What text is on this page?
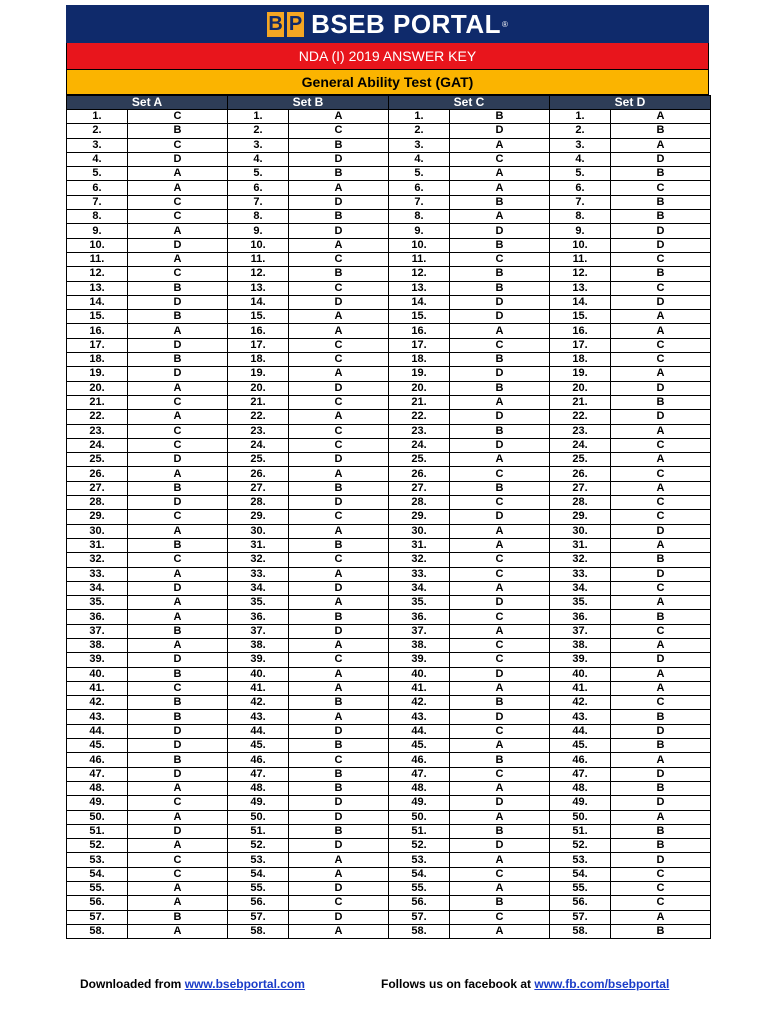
B P BSEB PORTAL ®
NDA (I) 2019 ANSWER KEY
General Ability Test (GAT)
Set A		Set B		Set C		Set D	
1.	C	1.	A	1.	B	1.	A
2.	B	2.	C	2.	D	2.	B
3.	C	3.	B	3.	A	3.	A
4.	D	4.	D	4.	C	4.	D
5.	A	5.	B	5.	A	5.	B
6.	A	6.	A	6.	A	6.	C
7.	C	7.	D	7.	B	7.	B
8.	C	8.	B	8.	A	8.	B
9.	A	9.	D	9.	D	9.	D
10.	D	10.	A	10.	B	10.	D
11.	A	11.	C	11.	C	11.	C
12.	C	12.	B	12.	B	12.	B
13.	B	13.	C	13.	B	13.	C
14.	D	14.	D	14.	D	14.	D
15.	B	15.	A	15.	D	15.	A
16.	A	16.	A	16.	A	16.	A
17.	D	17.	C	17.	C	17.	C
18.	B	18.	C	18.	B	18.	C
19.	D	19.	A	19.	D	19.	A
20.	A	20.	D	20.	B	20.	D
21.	C	21.	C	21.	A	21.	B
22.	A	22.	A	22.	D	22.	D
23.	C	23.	C	23.	B	23.	A
24.	C	24.	C	24.	D	24.	C
25.	D	25.	D	25.	A	25.	A
26.	A	26.	A	26.	C	26.	C
27.	B	27.	B	27.	B	27.	A
28.	D	28.	D	28.	C	28.	C
29.	C	29.	C	29.	D	29.	C
30.	A	30.	A	30.	A	30.	D
31.	B	31.	B	31.	A	31.	A
32.	C	32.	C	32.	C	32.	B
33.	A	33.	A	33.	C	33.	D
34.	D	34.	D	34.	A	34.	C
35.	A	35.	A	35.	D	35.	A
36.	A	36.	B	36.	C	36.	B
37.	B	37.	D	37.	A	37.	C
38.	A	38.	A	38.	C	38.	A
39.	D	39.	C	39.	C	39.	D
40.	B	40.	A	40.	D	40.	A
41.	C	41.	A	41.	A	41.	A
42.	B	42.	B	42.	B	42.	C
43.	B	43.	A	43.	D	43.	B
44.	D	44.	D	44.	C	44.	D
45.	D	45.	B	45.	A	45.	B
46.	B	46.	C	46.	B	46.	A
47.	D	47.	B	47.	C	47.	D
48.	A	48.	B	48.	A	48.	B
49.	C	49.	D	49.	D	49.	D
50.	A	50.	D	50.	A	50.	A
51.	D	51.	B	51.	B	51.	B
52.	A	52.	D	52.	D	52.	B
53.	C	53.	A	53.	A	53.	D
54.	C	54.	A	54.	C	54.	C
55.	A	55.	D	55.	A	55.	C
56.	A	56.	C	56.	B	56.	C
57.	B	57.	D	57.	C	57.	A
58.	A	58.	A	58.	A	58.	B
Downloaded from www.bsebportal.com	Follows us on facebook at www.fb.com/bsebportal
